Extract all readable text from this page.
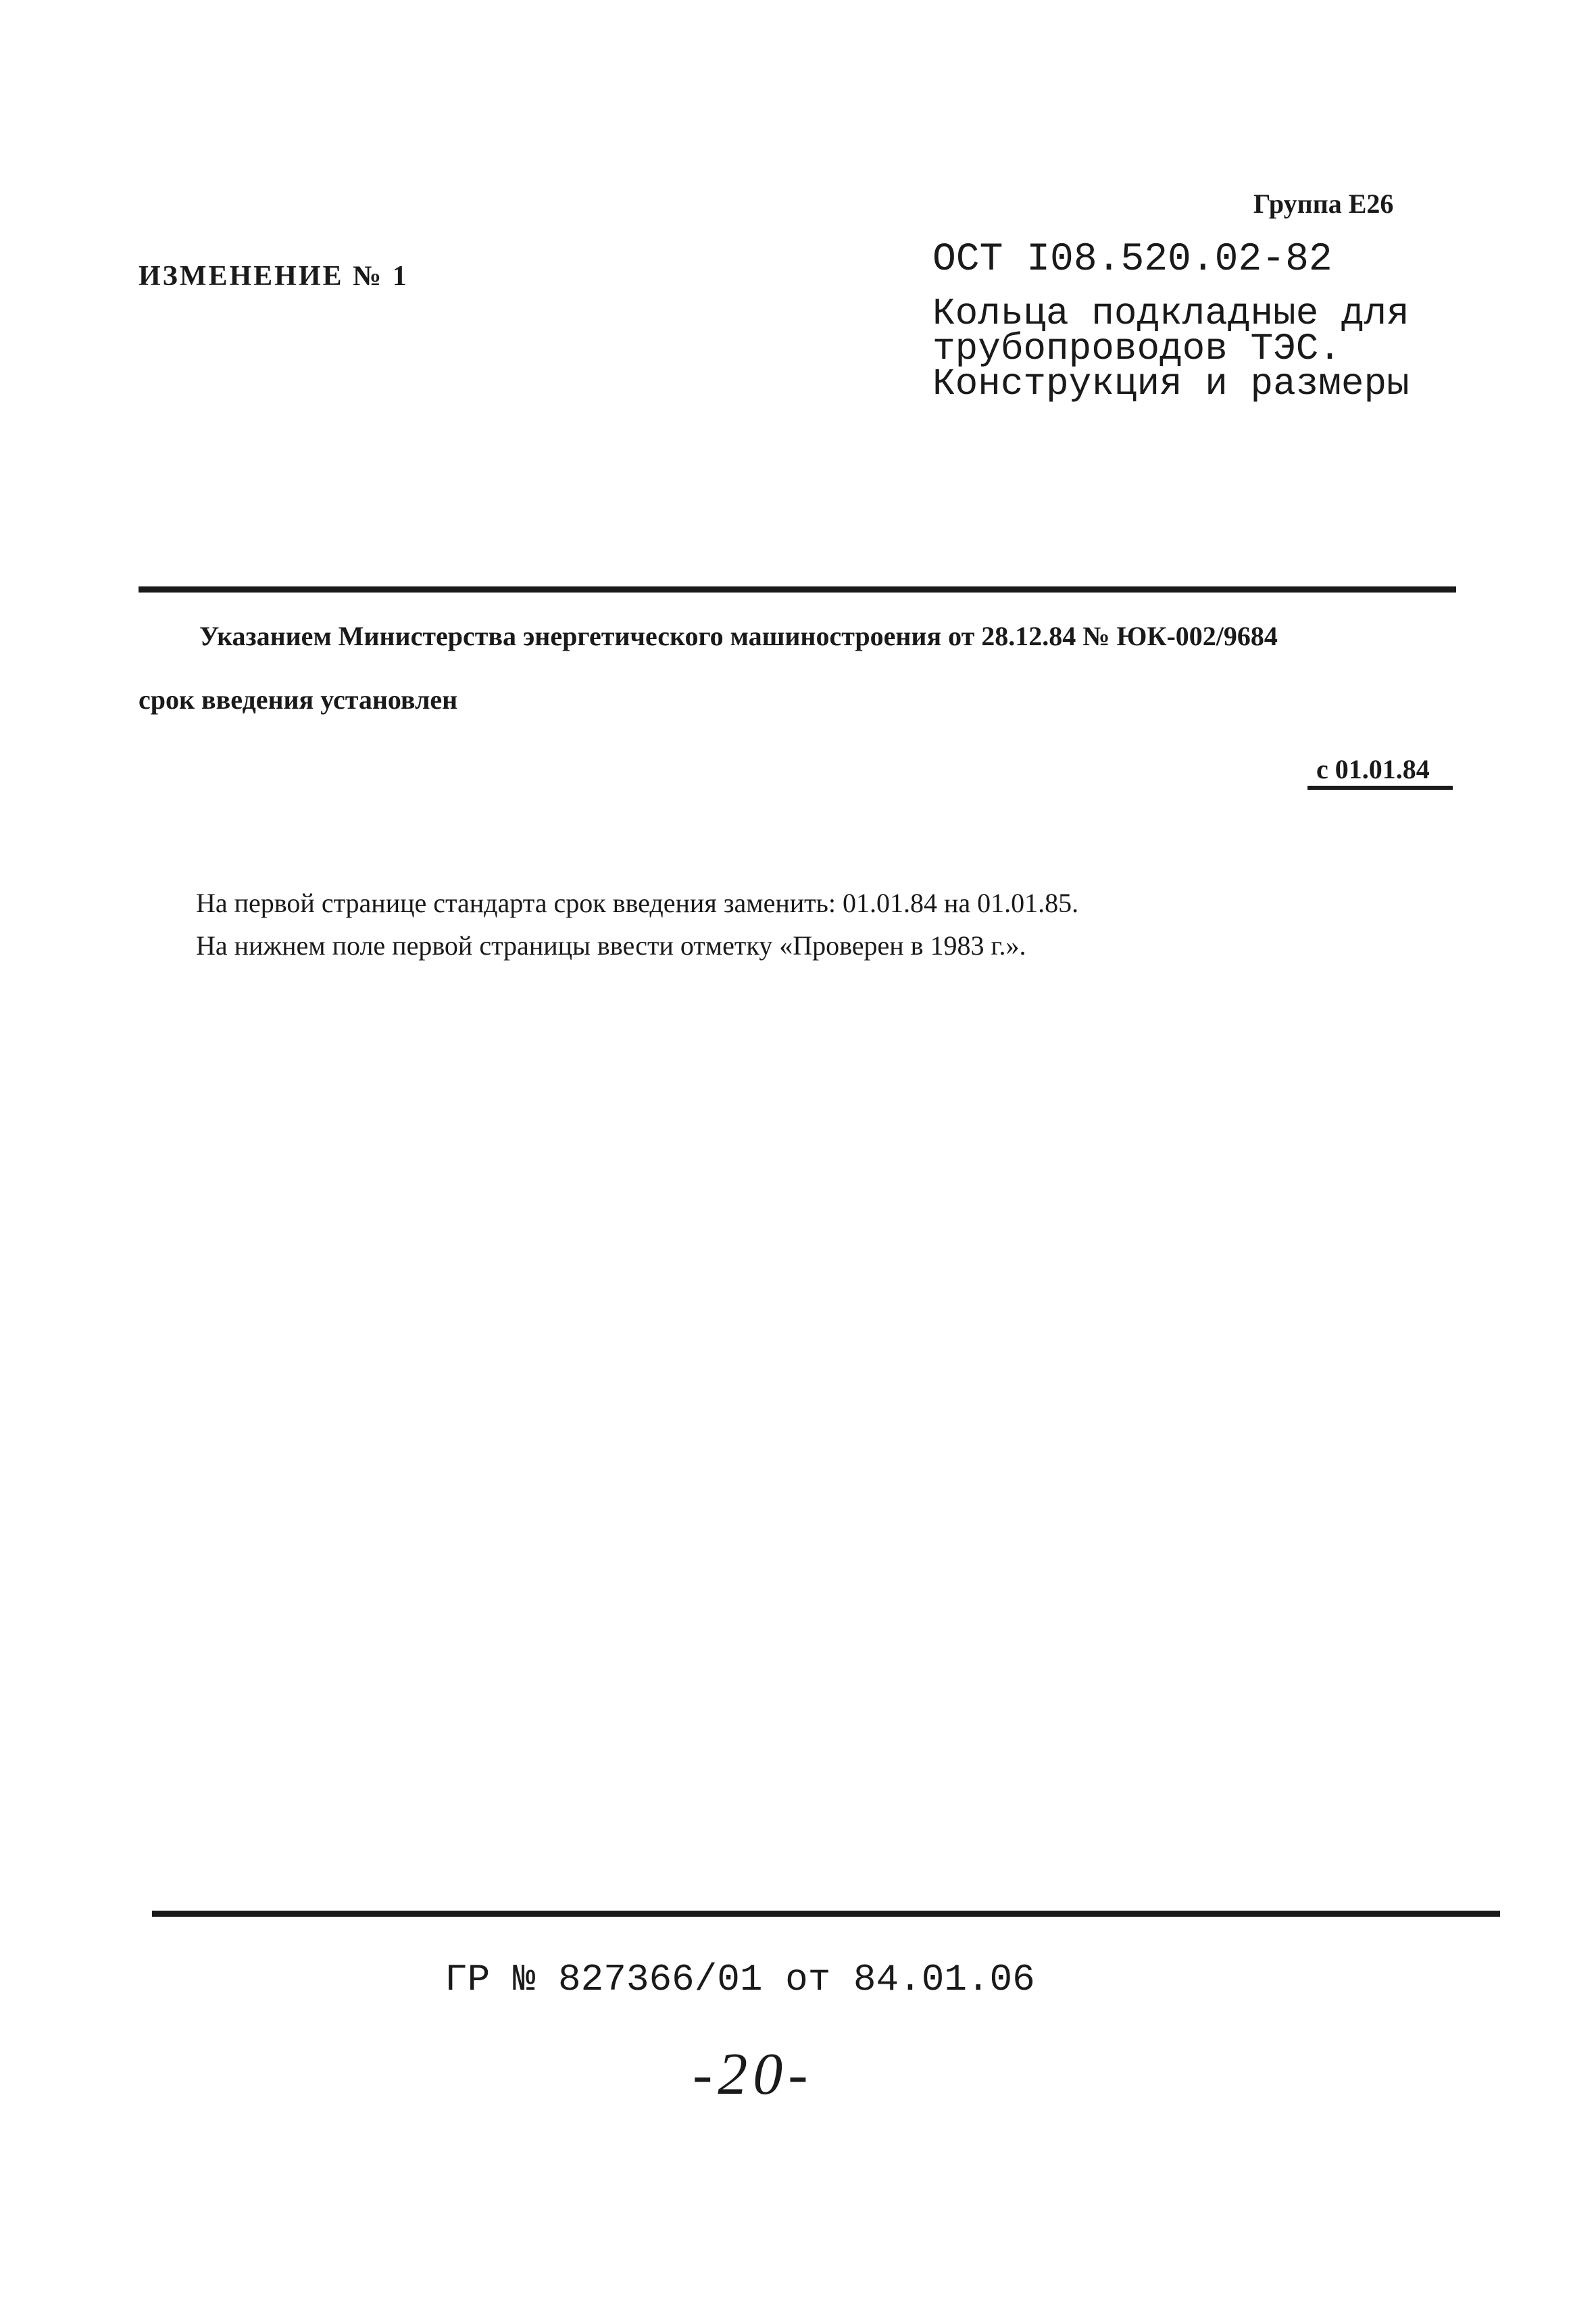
Группа Е26
ИЗМЕНЕНИЕ № 1	ОСТ I08.520.02-82
Кольца подкладные для
трубопроводов ТЭС.
Конструкция и размеры
Указанием Министерства энергетического машиностроения от 28.12.84 № ЮК-002/9684
срок введения установлен
с 01.01.84
На первой странице стандарта срок введения заменить: 01.01.84 на 01.01.85.
На нижнем поле первой страницы ввести отметку «Проверен в 1983 г.».
ГР № 827366/01 от 84.01.06
-20-
